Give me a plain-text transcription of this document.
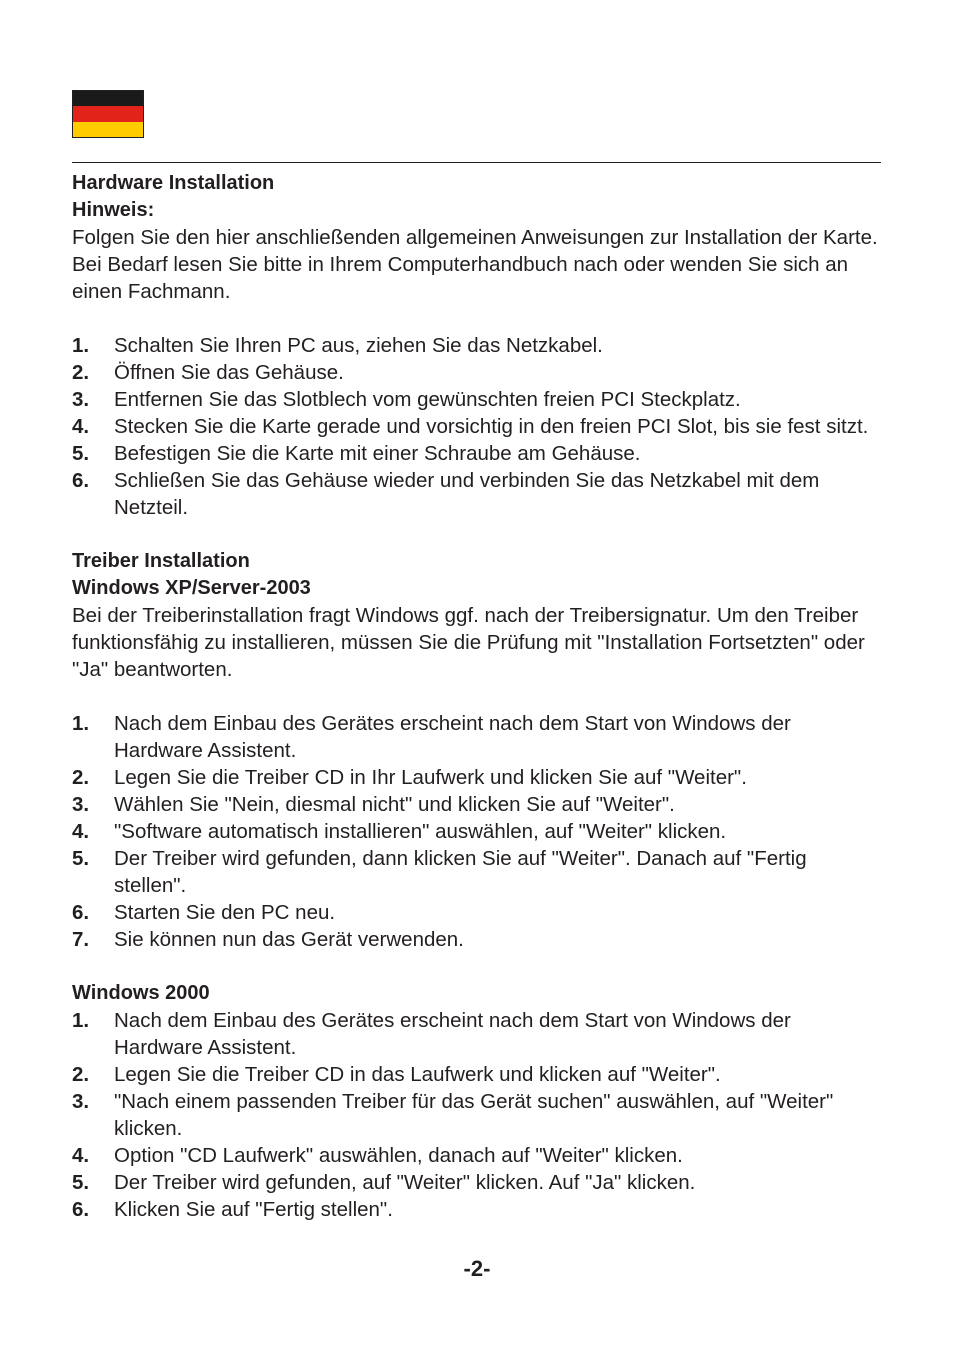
Hardware Installation
Hinweis:

Folgen Sie den hier anschließenden allgemeinen Anweisungen zur Installation der Karte. Bei Bedarf lesen Sie bitte in Ihrem Computerhandbuch nach oder wenden Sie sich an einen Fachmann.

1.	Schalten Sie Ihren PC aus, ziehen Sie das Netzkabel.
2.	Öffnen Sie das Gehäuse.
3.	Entfernen Sie das Slotblech vom gewünschten freien PCI Steckplatz.
4.	Stecken Sie die Karte gerade und vorsichtig in den freien PCI Slot, bis sie fest sitzt.
5.	Befestigen Sie die Karte mit einer Schraube am Gehäuse.
6.	Schließen Sie das Gehäuse wieder und verbinden Sie das Netzkabel mit dem Netzteil.
Treiber Installation
Windows XP/Server-2003

Bei der Treiberinstallation fragt Windows ggf. nach der Treibersignatur. Um den Treiber funktionsfähig zu installieren, müssen Sie die Prüfung mit "Installation Fortsetzten" oder "Ja" beantworten.

1.	Nach dem Einbau des Gerätes erscheint nach dem Start von Windows der Hardware Assistent.
2.	Legen Sie die Treiber CD in Ihr Laufwerk und klicken Sie auf "Weiter".
3.	Wählen Sie "Nein, diesmal nicht" und klicken Sie auf "Weiter".
4.	"Software automatisch installieren" auswählen, auf "Weiter" klicken.
5.	Der Treiber wird gefunden, dann klicken Sie auf "Weiter". Danach auf "Fertig stellen".
6.	Starten Sie den PC neu.
7.	Sie können nun das Gerät verwenden.
Windows 2000
1.	Nach dem Einbau des Gerätes erscheint nach dem Start von Windows der Hardware Assistent.
2.	Legen Sie die Treiber CD in das Laufwerk und klicken auf "Weiter".
3.	"Nach einem passenden Treiber für das Gerät suchen" auswählen, auf "Weiter" klicken.
4.	Option "CD Laufwerk" auswählen, danach auf "Weiter" klicken.
5.	Der Treiber wird gefunden, auf "Weiter" klicken. Auf "Ja" klicken.
6.	Klicken Sie auf "Fertig stellen".
-2-
